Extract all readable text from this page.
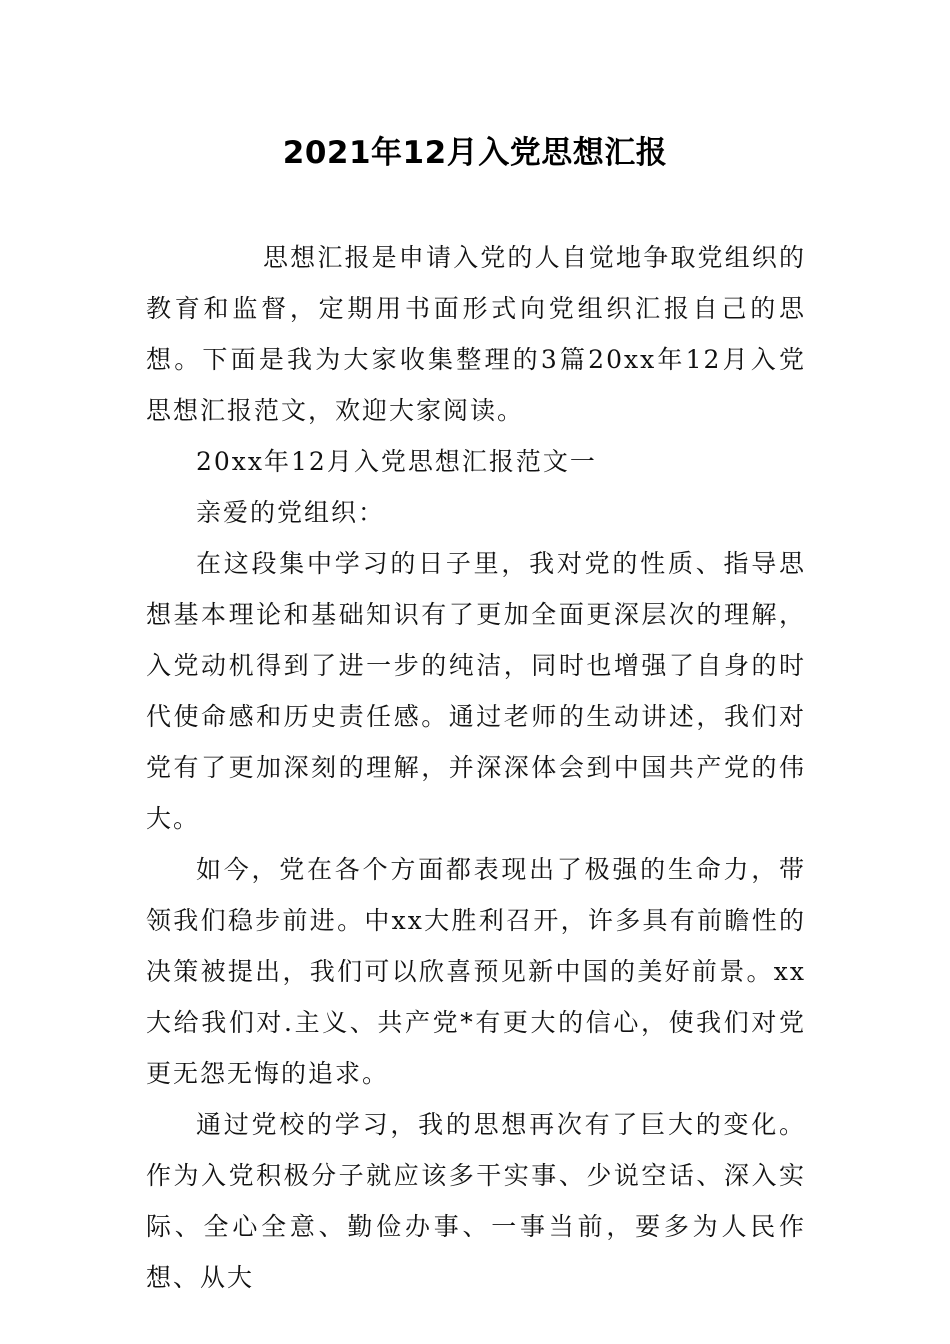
2021年12月入党思想汇报

思想汇报是申请入党的人自觉地争取党组织的教育和监督，定期用书面形式向党组织汇报自己的思想。下面是我为大家收集整理的3篇20xx年12月入党思想汇报范文，欢迎大家阅读。

20xx年12月入党思想汇报范文一

亲爱的党组织：

在这段集中学习的日子里，我对党的性质、指导思想基本理论和基础知识有了更加全面更深层次的理解，入党动机得到了进一步的纯洁，同时也增强了自身的时代使命感和历史责任感。通过老师的生动讲述，我们对党有了更加深刻的理解，并深深体会到中国共产党的伟大。

如今，党在各个方面都表现出了极强的生命力，带领我们稳步前进。中xx大胜利召开，许多具有前瞻性的决策被提出，我们可以欣喜预见新中国的美好前景。xx大给我们对.主义、共产党*有更大的信心，使我们对党更无怨无悔的追求。

通过党校的学习，我的思想再次有了巨大的变化。作为入党积极分子就应该多干实事、少说空话、深入实际、全心全意、勤俭办事、一事当前，要多为人民作想、从大
